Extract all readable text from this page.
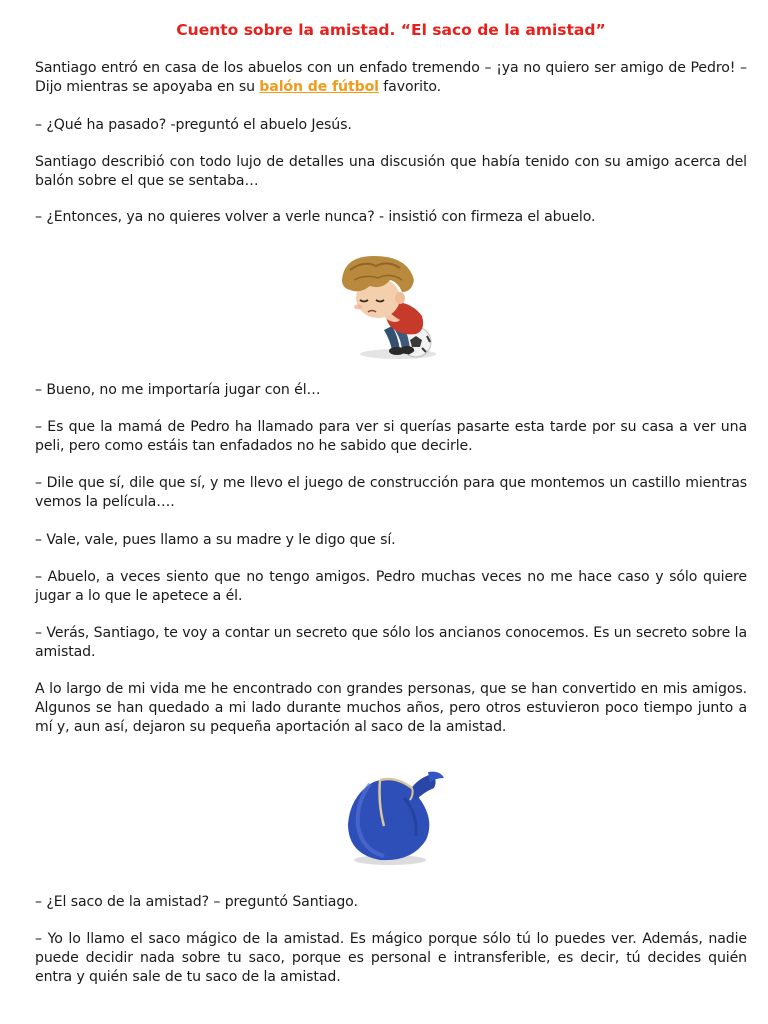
Cuento sobre la amistad. “El saco de la amistad”

Santiago entró en casa de los abuelos con un enfado tremendo – ¡ya no quiero ser amigo de Pedro! – Dijo mientras se apoyaba en su balón de fútbol favorito.

– ¿Qué ha pasado? -preguntó el abuelo Jesús.

Santiago describió con todo lujo de detalles una discusión que había tenido con su amigo acerca del balón sobre el que se sentaba…

– ¿Entonces, ya no quieres volver a verle nunca? - insistió con firmeza el abuelo.

– Bueno, no me importaría jugar con él…

– Es que la mamá de Pedro ha llamado para ver si querías pasarte esta tarde por su casa a ver una peli, pero como estáis tan enfadados no he sabido que decirle.

– Dile que sí, dile que sí, y me llevo el juego de construcción para que montemos un castillo mientras vemos la película….

– Vale, vale, pues llamo a su madre y le digo que sí.

– Abuelo, a veces siento que no tengo amigos. Pedro muchas veces no me hace caso y sólo quiere jugar a lo que le apetece a él.

– Verás, Santiago, te voy a contar un secreto que sólo los ancianos conocemos. Es un secreto sobre la amistad.

A lo largo de mi vida me he encontrado con grandes personas, que se han convertido en mis amigos. Algunos se han quedado a mi lado durante muchos años, pero otros estuvieron poco tiempo junto a mí y, aun así, dejaron su pequeña aportación al saco de la amistad.

– ¿El saco de la amistad? – preguntó Santiago.

– Yo lo llamo el saco mágico de la amistad. Es mágico porque sólo tú lo puedes ver. Además, nadie puede decidir nada sobre tu saco, porque es personal e intransferible, es decir, tú decides quién entra y quién sale de tu saco de la amistad.
